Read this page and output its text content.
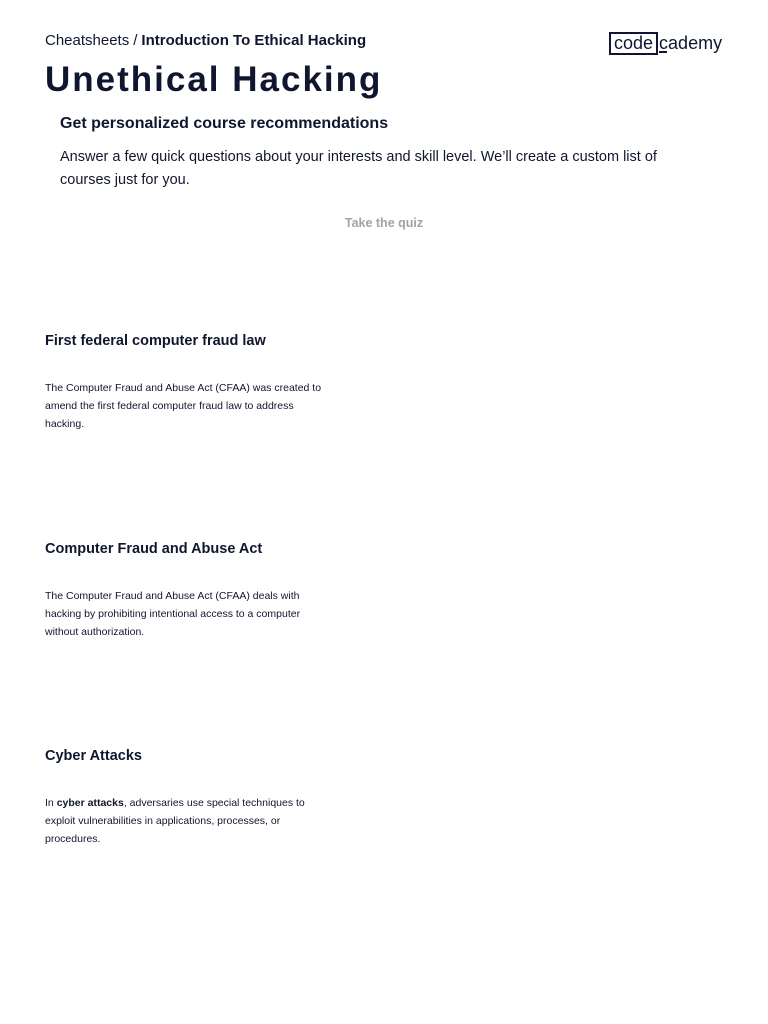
Cheatsheets / Introduction To Ethical Hacking	code cademy
Unethical Hacking
Get personalized course recommendations

Answer a few quick questions about your interests and skill level. We’ll create a custom list of courses just for you.

Take the quiz
First federal computer fraud law

The Computer Fraud and Abuse Act (CFAA) was created to amend the first federal computer fraud law to address hacking.

Computer Fraud and Abuse Act

The Computer Fraud and Abuse Act (CFAA) deals with hacking by prohibiting intentional access to a computer without authorization.

Cyber Attacks

In cyber attacks, adversaries use special techniques to exploit vulnerabilities in applications, processes, or procedures.
